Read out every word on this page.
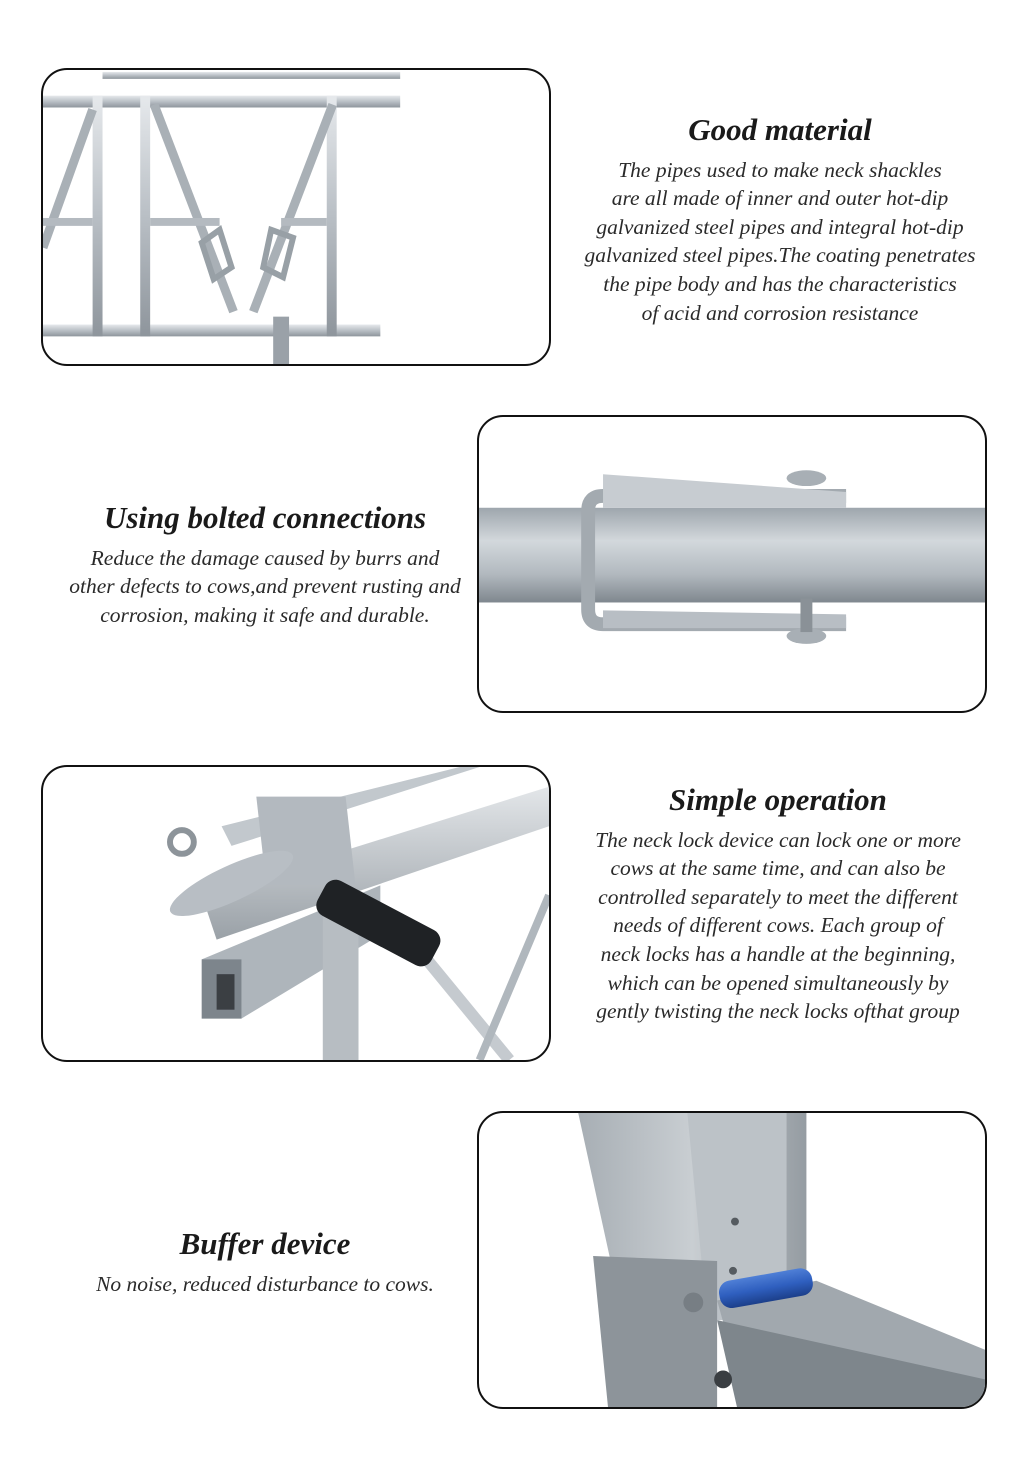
Good material
The pipes used to make neck shackles
are all made of inner and outer hot-dip
galvanized steel pipes and integral hot-dip
galvanized steel pipes.The coating penetrates
the pipe body and has the characteristics
of acid and corrosion resistance
Using bolted connections
Reduce the damage caused by burrs and
other defects to cows,and prevent rusting and
corrosion, making it safe and durable.
Simple operation
The neck lock device can lock one or more
cows at the same time, and can also be
controlled separately to meet the different
needs of different cows. Each group of
neck locks has a handle at the beginning,
which can be opened simultaneously by
gently twisting the neck locks ofthat group
Buffer device
No noise, reduced disturbance to cows.
